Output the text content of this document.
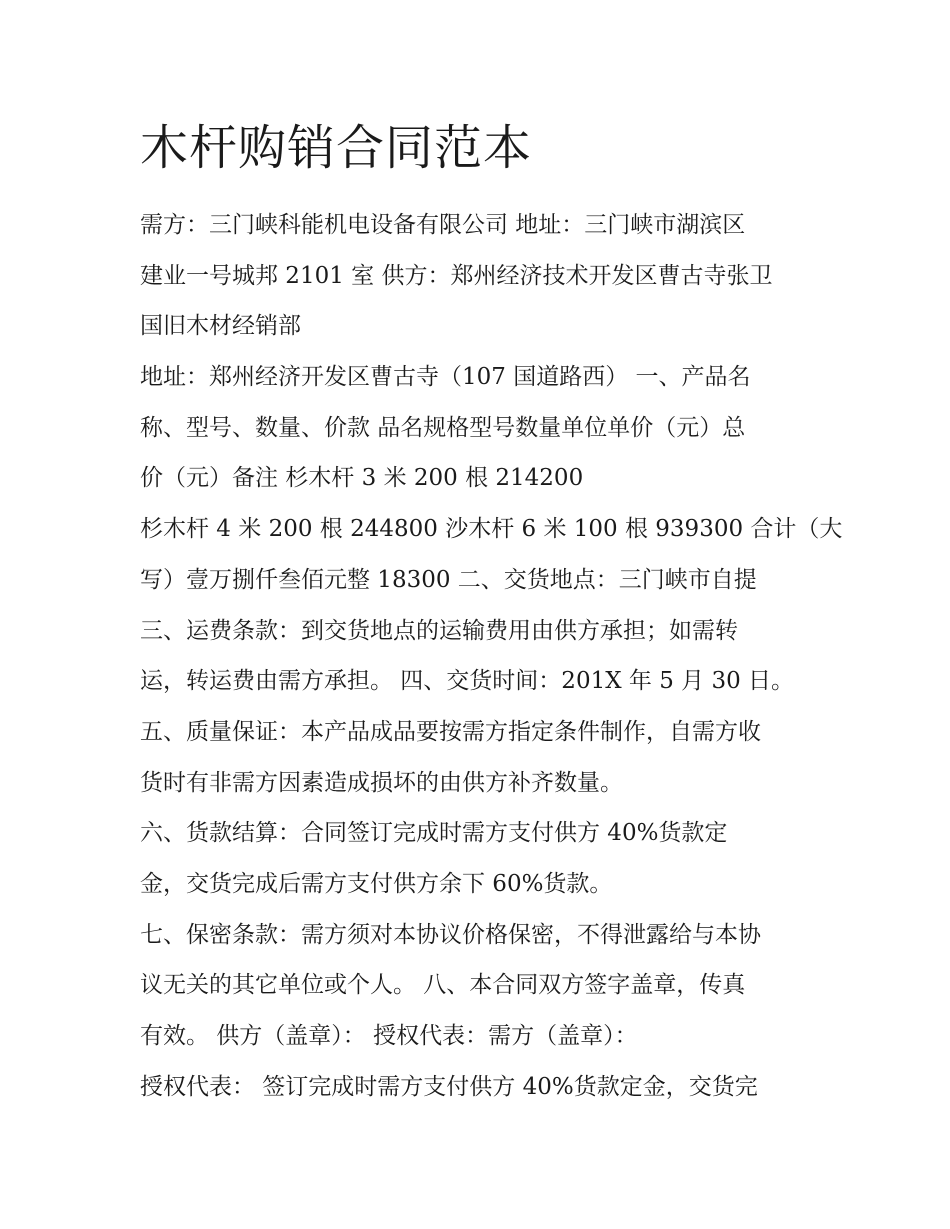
木杆购销合同范本
需方：三门峡科能机电设备有限公司 地址：三门峡市湖滨区
建业一号城邦 2101 室 供方：郑州经济技术开发区曹古寺张卫
国旧木材经销部
地址：郑州经济开发区曹古寺（107 国道路西） 一、产品名
称、型号、数量、价款 品名规格型号数量单位单价（元）总
价（元）备注 杉木杆 3 米 200 根 214200
杉木杆 4 米 200 根 244800 沙木杆 6 米 100 根 939300 合计（大
写）壹万捌仟叁佰元整 18300 二、交货地点：三门峡市自提
三、运费条款：到交货地点的运输费用由供方承担；如需转
运，转运费由需方承担。 四、交货时间：201X 年 5 月 30 日。
五、质量保证：本产品成品要按需方指定条件制作，自需方收
货时有非需方因素造成损坏的由供方补齐数量。
六、货款结算：合同签订完成时需方支付供方 40%货款定
金，交货完成后需方支付供方余下 60%货款。
七、保密条款：需方须对本协议价格保密，不得泄露给与本协
议无关的其它单位或个人。 八、本合同双方签字盖章，传真
有效。 供方（盖章）： 授权代表：需方（盖章）：
授权代表： 签订完成时需方支付供方 40%货款定金，交货完
